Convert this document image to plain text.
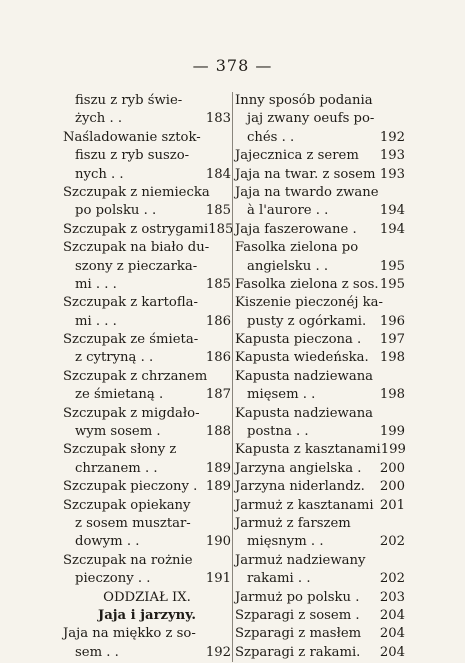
— 378 —
fiszu z ryb świe-
żych . .	183
Naśladowanie sztok-
fiszu z ryb suszo-
nych . .	184
Szczupak z niemiecka
po polsku . .	185
Szczupak z ostrygami 185
Szczupak na biało du-
szony z pieczarka-
mi . . .	185
Szczupak z kartofla-
mi . . .	186
Szczupak ze śmieta-
z cytryną . .	186
Szczupak z chrzanem
ze śmietaną .	187
Szczupak z migdało-
wym sosem .	188
Szczupak słony z
chrzanem . .	189
Szczupak pieczony . 189
Szczupak opiekany
z sosem musztar-
dowym . .	190
Szczupak na rożnie
pieczony . .	191
ODDZIAŁ IX.
Jaja i jarzyny.
Jaja na miękko z so-
sem . .	192
Inny sposób podania
jaj zwany oeufs po-
chés . .	192
Jajecznica z serem 193
Jaja na twar. z sosem 193
Jaja na twardo zwane
à l'aurore . .	194
Jaja faszerowane . 194
Fasolka zielona po
angielsku . .	195
Fasolka zielona z sos. 195
Kiszenie pieczonéj ka-
pusty z ogórkami. 196
Kapusta pieczona . 197
Kapusta wiedeńska. 198
Kapusta nadziewana
mięsem . .	198
Kapusta nadziewana
postna . .	199
Kapusta z kasztanami 199
Jarzyna angielska . 200
Jarzyna niderlandz. 200
Jarmuż z kasztanami 201
Jarmuż z farszem
mięsnym . .	202
Jarmuż nadziewany
rakami . .	202
Jarmuż po polsku . 203
Szparagi z sosem . 204
Szparagi z masłem 204
Szparagi z rakami. 204
